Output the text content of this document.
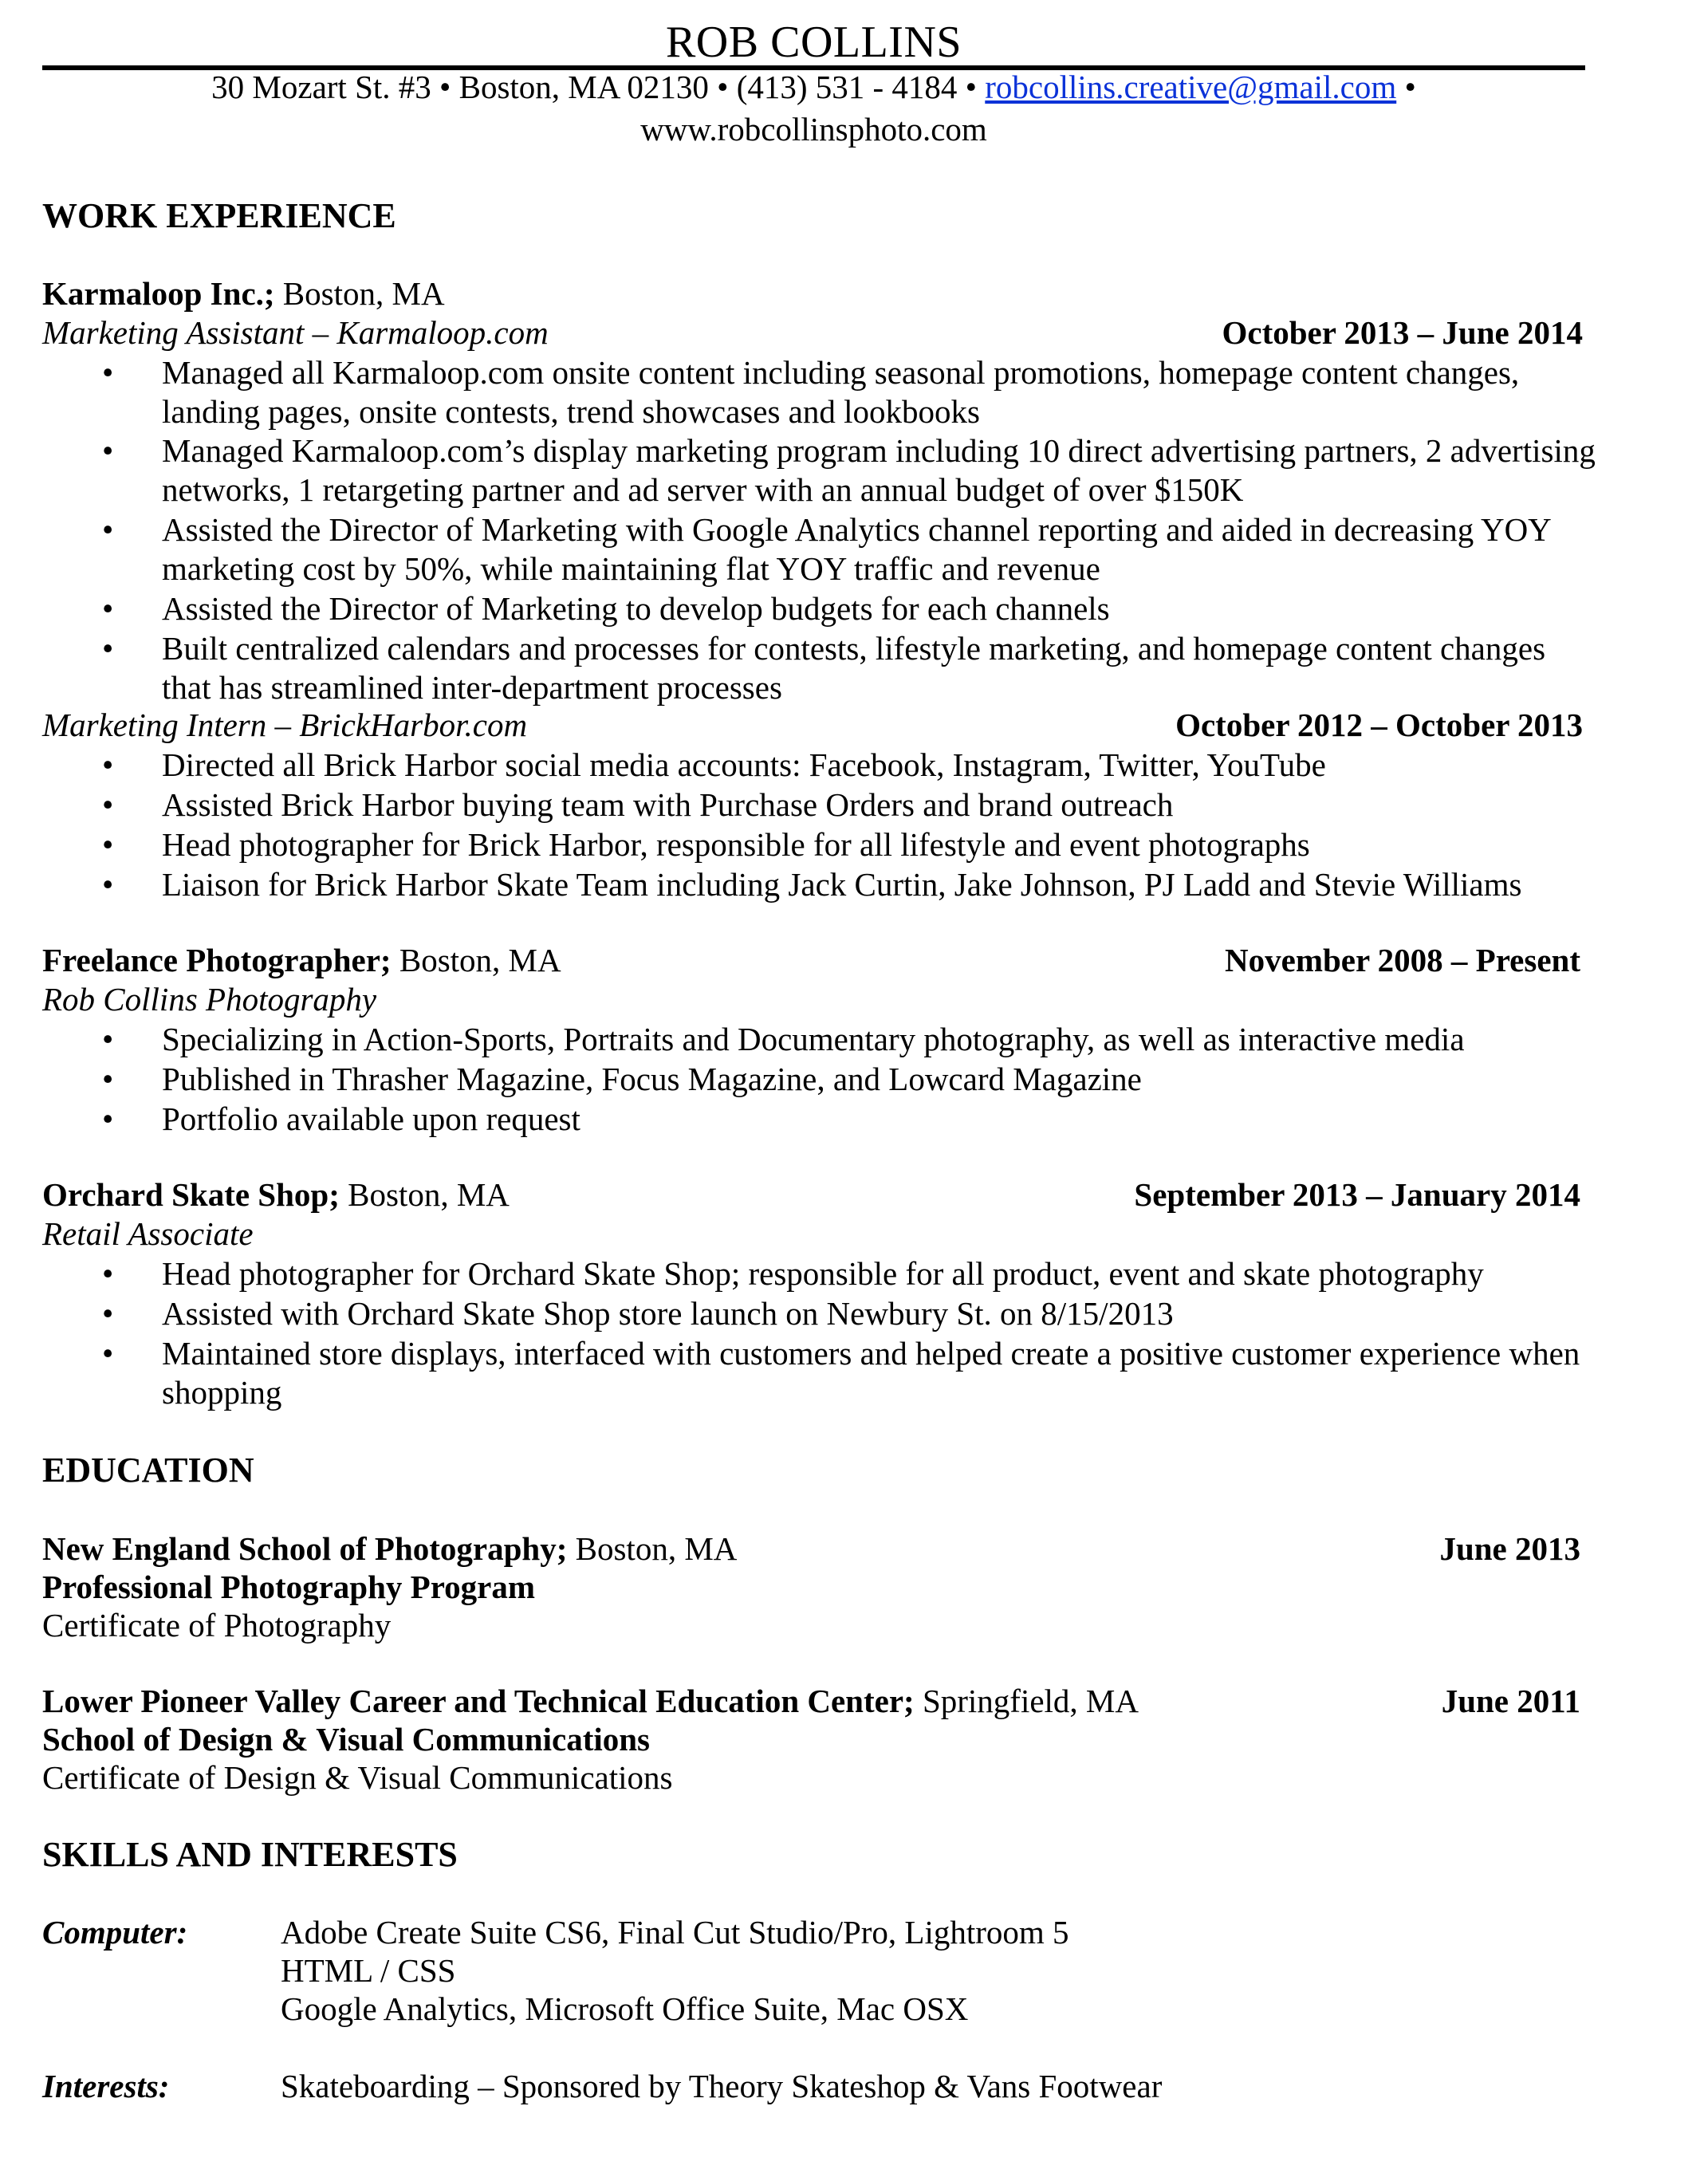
ROB COLLINS
30 Mozart St. #3 • Boston, MA 02130 • (413) 531 - 4184 • robcollins.creative@gmail.com •
www.robcollinsphoto.com
WORK EXPERIENCE
Karmaloop Inc.; Boston, MA
Marketing Assistant – Karmaloop.com	October 2013 – June 2014
• Managed all Karmaloop.com onsite content including seasonal promotions, homepage content changes, landing pages, onsite contests, trend showcases and lookbooks
• Managed Karmaloop.com’s display marketing program including 10 direct advertising partners, 2 advertising networks, 1 retargeting partner and ad server with an annual budget of over $150K
• Assisted the Director of Marketing with Google Analytics channel reporting and aided in decreasing YOY marketing cost by 50%, while maintaining flat YOY traffic and revenue
• Assisted the Director of Marketing to develop budgets for each channels
• Built centralized calendars and processes for contests, lifestyle marketing, and homepage content changes that has streamlined inter-department processes
Marketing Intern – BrickHarbor.com	October 2012 – October 2013
• Directed all Brick Harbor social media accounts: Facebook, Instagram, Twitter, YouTube
• Assisted Brick Harbor buying team with Purchase Orders and brand outreach
• Head photographer for Brick Harbor, responsible for all lifestyle and event photographs
• Liaison for Brick Harbor Skate Team including Jack Curtin, Jake Johnson, PJ Ladd and Stevie Williams
Freelance Photographer; Boston, MA	November 2008 – Present
Rob Collins Photography
• Specializing in Action-Sports, Portraits and Documentary photography, as well as interactive media
• Published in Thrasher Magazine, Focus Magazine, and Lowcard Magazine
• Portfolio available upon request
Orchard Skate Shop; Boston, MA	September 2013 – January 2014
Retail Associate
• Head photographer for Orchard Skate Shop; responsible for all product, event and skate photography
• Assisted with Orchard Skate Shop store launch on Newbury St. on 8/15/2013
• Maintained store displays, interfaced with customers and helped create a positive customer experience when shopping
EDUCATION
New England School of Photography; Boston, MA	June 2013
Professional Photography Program
Certificate of Photography
Lower Pioneer Valley Career and Technical Education Center; Springfield, MA	June 2011
School of Design & Visual Communications
Certificate of Design & Visual Communications
SKILLS AND INTERESTS
Computer:	Adobe Create Suite CS6, Final Cut Studio/Pro, Lightroom 5
HTML / CSS
Google Analytics, Microsoft Office Suite, Mac OSX
Interests:	Skateboarding – Sponsored by Theory Skateshop & Vans Footwear
